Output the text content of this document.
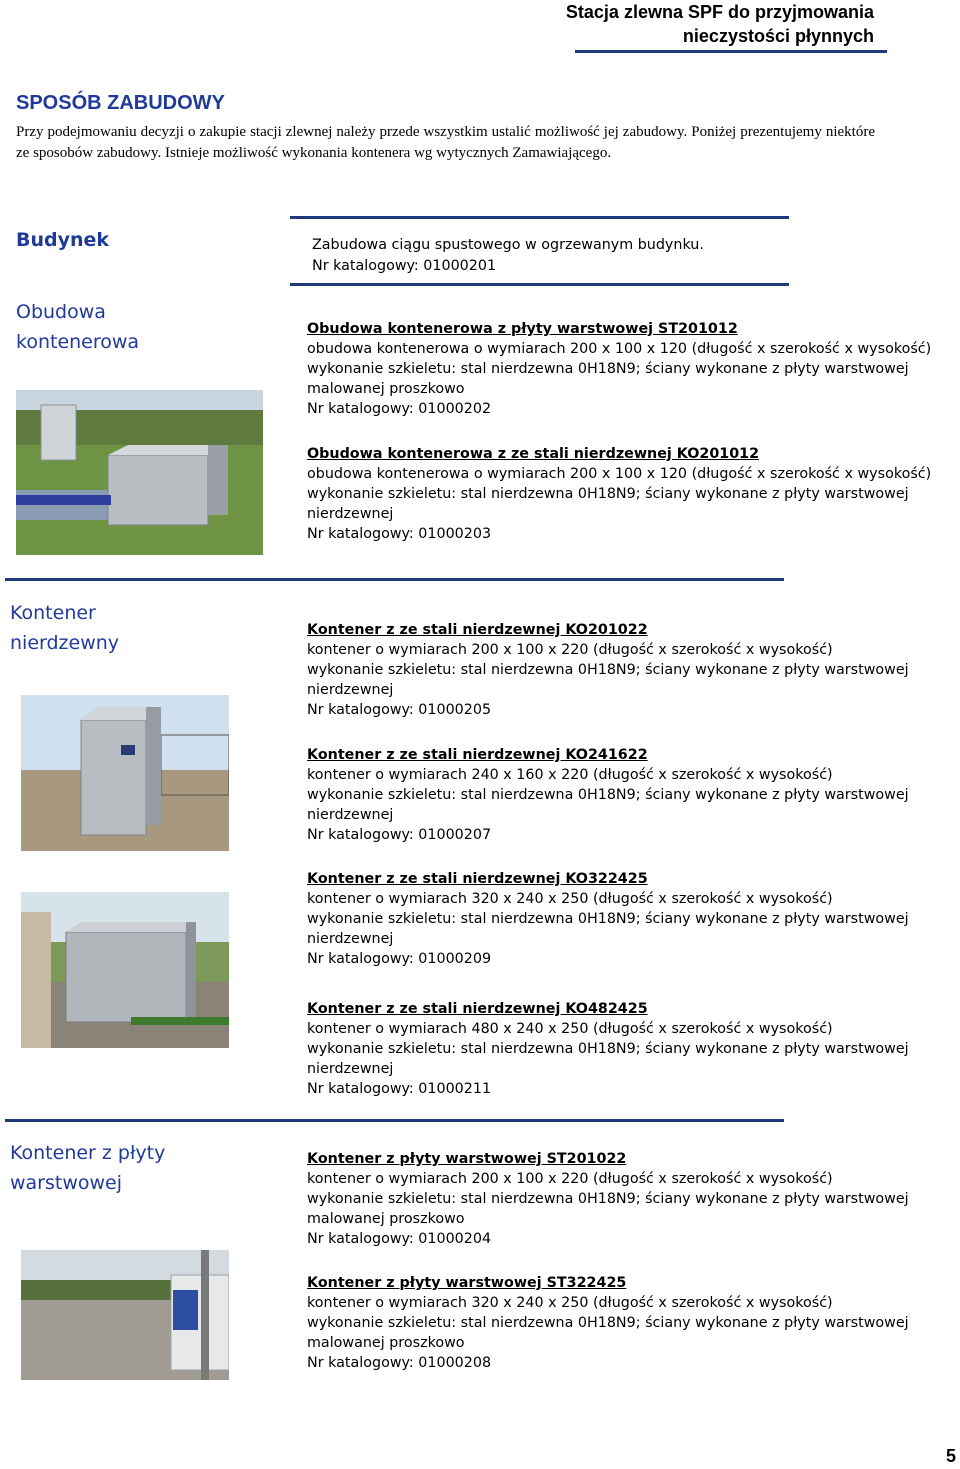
Stacja zlewna SPF do przyjmowania
nieczystości płynnych
SPOSÓB ZABUDOWY
Przy podejmowaniu decyzji o zakupie stacji zlewnej należy przede wszystkim ustalić możliwość jej zabudowy. Poniżej prezentujemy niektóre ze sposobów zabudowy. Istnieje możliwość wykonania kontenera wg wytycznych Zamawiającego.
Budynek	Zabudowa ciągu spustowego w ogrzewanym budynku.
Nr katalogowy: 01000201
Obudowa
kontenerowa
Obudowa kontenerowa z płyty warstwowej ST201012
obudowa kontenerowa o wymiarach 200 x 100 x 120 (długość x szerokość x wysokość)
wykonanie szkieletu: stal nierdzewna 0H18N9; ściany wykonane z płyty warstwowej
malowanej proszkowo
Nr katalogowy: 01000202
Obudowa kontenerowa z ze stali nierdzewnej KO201012
obudowa kontenerowa o wymiarach 200 x 100 x 120 (długość x szerokość x wysokość)
wykonanie szkieletu: stal nierdzewna 0H18N9; ściany wykonane z płyty warstwowej
nierdzewnej
Nr katalogowy: 01000203
Kontener
nierdzewny
Kontener z ze stali nierdzewnej KO201022
kontener o wymiarach 200 x 100 x 220 (długość x szerokość x wysokość)
wykonanie szkieletu: stal nierdzewna 0H18N9; ściany wykonane z płyty warstwowej
nierdzewnej
Nr katalogowy: 01000205
Kontener z ze stali nierdzewnej KO241622
kontener o wymiarach 240 x 160 x 220 (długość x szerokość x wysokość)
wykonanie szkieletu: stal nierdzewna 0H18N9; ściany wykonane z płyty warstwowej
nierdzewnej
Nr katalogowy: 01000207
Kontener z ze stali nierdzewnej KO322425
kontener o wymiarach 320 x 240 x 250 (długość x szerokość x wysokość)
wykonanie szkieletu: stal nierdzewna 0H18N9; ściany wykonane z płyty warstwowej
nierdzewnej
Nr katalogowy: 01000209
Kontener z ze stali nierdzewnej KO482425
kontener o wymiarach 480 x 240 x 250 (długość x szerokość x wysokość)
wykonanie szkieletu: stal nierdzewna 0H18N9; ściany wykonane z płyty warstwowej
nierdzewnej
Nr katalogowy: 01000211
Kontener z płyty
warstwowej
Kontener z płyty warstwowej ST201022
kontener o wymiarach 200 x 100 x 220 (długość x szerokość x wysokość)
wykonanie szkieletu: stal nierdzewna 0H18N9; ściany wykonane z płyty warstwowej
malowanej proszkowo
Nr katalogowy: 01000204
Kontener z płyty warstwowej ST322425
kontener o wymiarach 320 x 240 x 250 (długość x szerokość x wysokość)
wykonanie szkieletu: stal nierdzewna 0H18N9; ściany wykonane z płyty warstwowej
malowanej proszkowo
Nr katalogowy: 01000208
5
